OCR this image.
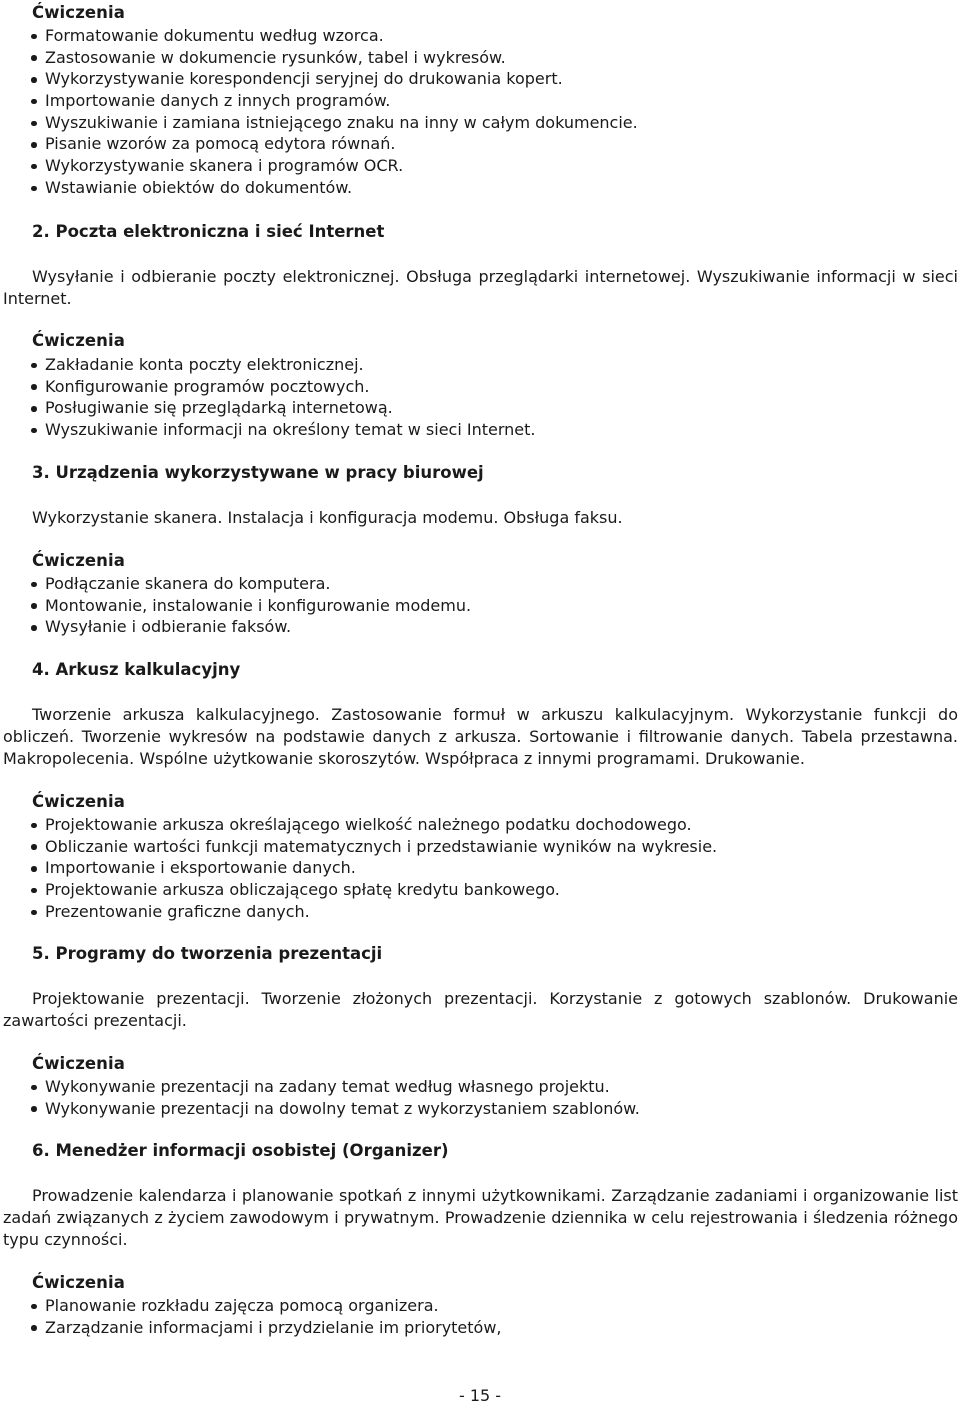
Ćwiczenia
Formatowanie dokumentu według wzorca.
Zastosowanie w dokumencie rysunków, tabel i wykresów.
Wykorzystywanie korespondencji seryjnej do drukowania kopert.
Importowanie danych z innych programów.
Wyszukiwanie i zamiana istniejącego znaku na inny w całym dokumencie.
Pisanie wzorów za pomocą edytora równań.
Wykorzystywanie skanera i programów OCR.
Wstawianie obiektów do dokumentów.
2. Poczta elektroniczna i sieć Internet

Wysyłanie i odbieranie poczty elektronicznej. Obsługa przeglądarki internetowej. Wyszukiwanie informacji w sieci Internet.

Ćwiczenia
Zakładanie konta poczty elektronicznej.
Konfigurowanie programów pocztowych.
Posługiwanie się przeglądarką internetową.
Wyszukiwanie informacji na określony temat w sieci Internet.
3. Urządzenia wykorzystywane w pracy biurowej

Wykorzystanie skanera. Instalacja i konfiguracja modemu. Obsługa faksu.

Ćwiczenia
Podłączanie skanera do komputera.
Montowanie, instalowanie i konfigurowanie modemu.
Wysyłanie i odbieranie faksów.
4. Arkusz kalkulacyjny

Tworzenie arkusza kalkulacyjnego. Zastosowanie formuł w arkuszu kalkulacyjnym. Wykorzystanie funkcji do obliczeń. Tworzenie wykresów na podstawie danych z arkusza. Sortowanie i filtrowanie danych. Tabela przestawna. Makropolecenia. Wspólne użytkowanie skoroszytów. Współpraca z innymi programami. Drukowanie.

Ćwiczenia
Projektowanie arkusza określającego wielkość należnego podatku dochodowego.
Obliczanie wartości funkcji matematycznych i przedstawianie wyników na wykresie.
Importowanie i eksportowanie danych.
Projektowanie arkusza obliczającego spłatę kredytu bankowego.
Prezentowanie graficzne danych.
5. Programy do tworzenia prezentacji

Projektowanie prezentacji. Tworzenie złożonych prezentacji. Korzystanie z gotowych szablonów. Drukowanie zawartości prezentacji.

Ćwiczenia
Wykonywanie prezentacji na zadany temat według własnego projektu.
Wykonywanie prezentacji na dowolny temat z wykorzystaniem szablonów.
6. Menedżer informacji osobistej (Organizer)

Prowadzenie kalendarza i planowanie spotkań z innymi użytkownikami. Zarządzanie zadaniami i organizowanie list zadań związanych z życiem zawodowym i prywatnym. Prowadzenie dziennika w celu rejestrowania i śledzenia różnego typu czynności.

Ćwiczenia
Planowanie rozkładu zajęcza pomocą organizera.
Zarządzanie informacjami i przydzielanie im priorytetów,
- 15 -
